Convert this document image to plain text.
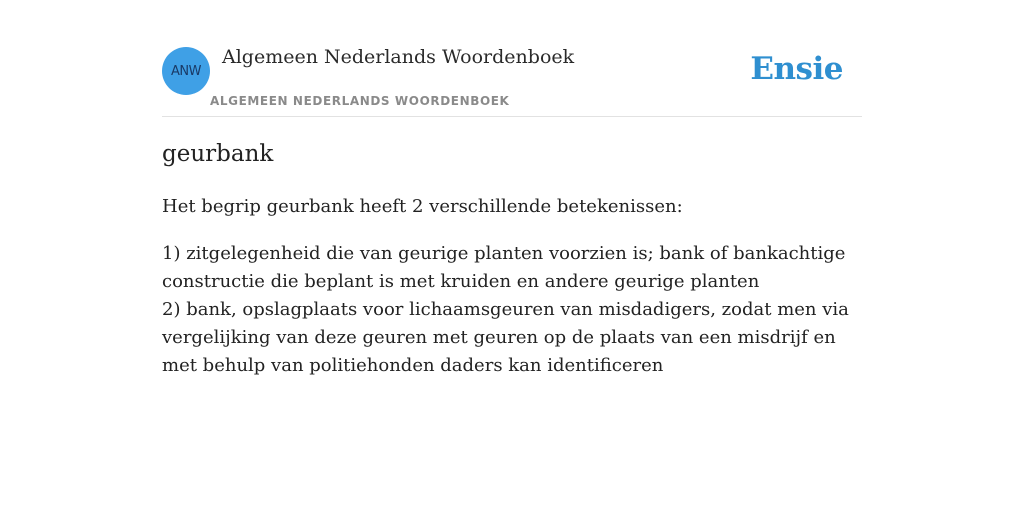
ANW
Algemeen Nederlands Woordenboek
ALGEMEEN NEDERLANDS WOORDENBOEK
Ensie
geurbank

Het begrip geurbank heeft 2 verschillende betekenissen:

1) zitgelegenheid die van geurige planten voorzien is; bank of bankachtige constructie die beplant is met kruiden en andere geurige planten
2) bank, opslagplaats voor lichaamsgeuren van misdadigers, zodat men via vergelijking van deze geuren met geuren op de plaats van een misdrijf en met behulp van politiehonden daders kan identificeren
